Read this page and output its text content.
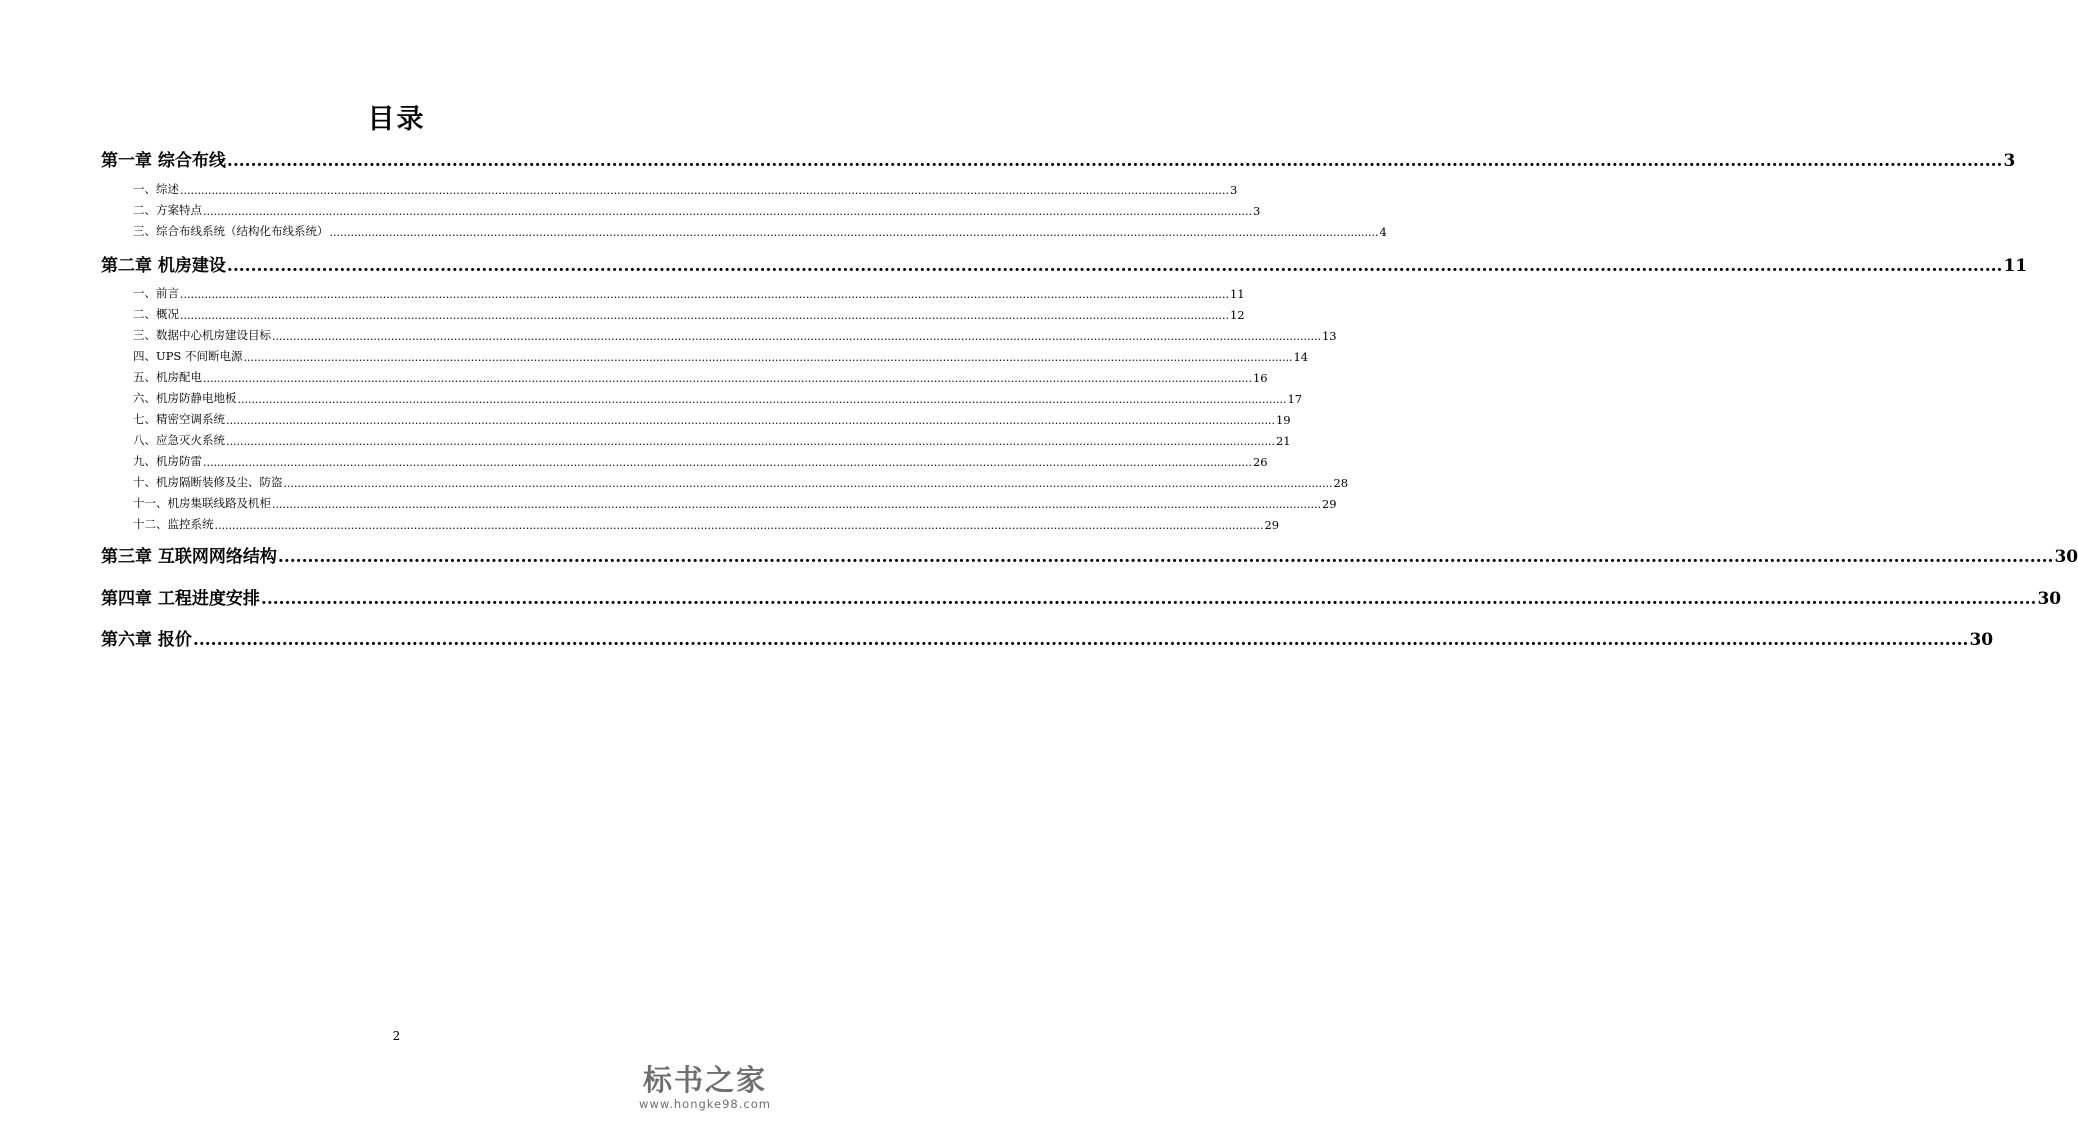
目录
第一章 综合布线 ............................................................................................................................................................................................................................................................................................................ 3
一、综述 ............................................................................................................................................................................................................................................................................................................ 3
二、方案特点 ............................................................................................................................................................................................................................................................................................................ 3
三、综合布线系统（结构化布线系统） ............................................................................................................................................................................................................................................................................................................ 4
第二章 机房建设 ............................................................................................................................................................................................................................................................................................................ 11
一、前言 ............................................................................................................................................................................................................................................................................................................ 11
二、概况 ............................................................................................................................................................................................................................................................................................................ 12
三、数据中心机房建设目标 ............................................................................................................................................................................................................................................................................................................ 13
四、UPS 不间断电源 ............................................................................................................................................................................................................................................................................................................ 14
五、机房配电 ............................................................................................................................................................................................................................................................................................................ 16
六、机房防静电地板 ............................................................................................................................................................................................................................................................................................................ 17
七、精密空调系统 ............................................................................................................................................................................................................................................................................................................ 19
八、应急灭火系统 ............................................................................................................................................................................................................................................................................................................ 21
九、机房防雷 ............................................................................................................................................................................................................................................................................................................ 26
十、机房隔断装修及尘、防盗 ............................................................................................................................................................................................................................................................................................................ 28
十一、机房集联线路及机柜 ............................................................................................................................................................................................................................................................................................................ 29
十二、监控系统 ............................................................................................................................................................................................................................................................................................................ 29
第三章 互联网网络结构 ............................................................................................................................................................................................................................................................................................................ 30
第四章 工程进度安排 ............................................................................................................................................................................................................................................................................................................ 30
第六章 报价 ............................................................................................................................................................................................................................................................................................................ 30
2
标书之家
www.hongke98.com
